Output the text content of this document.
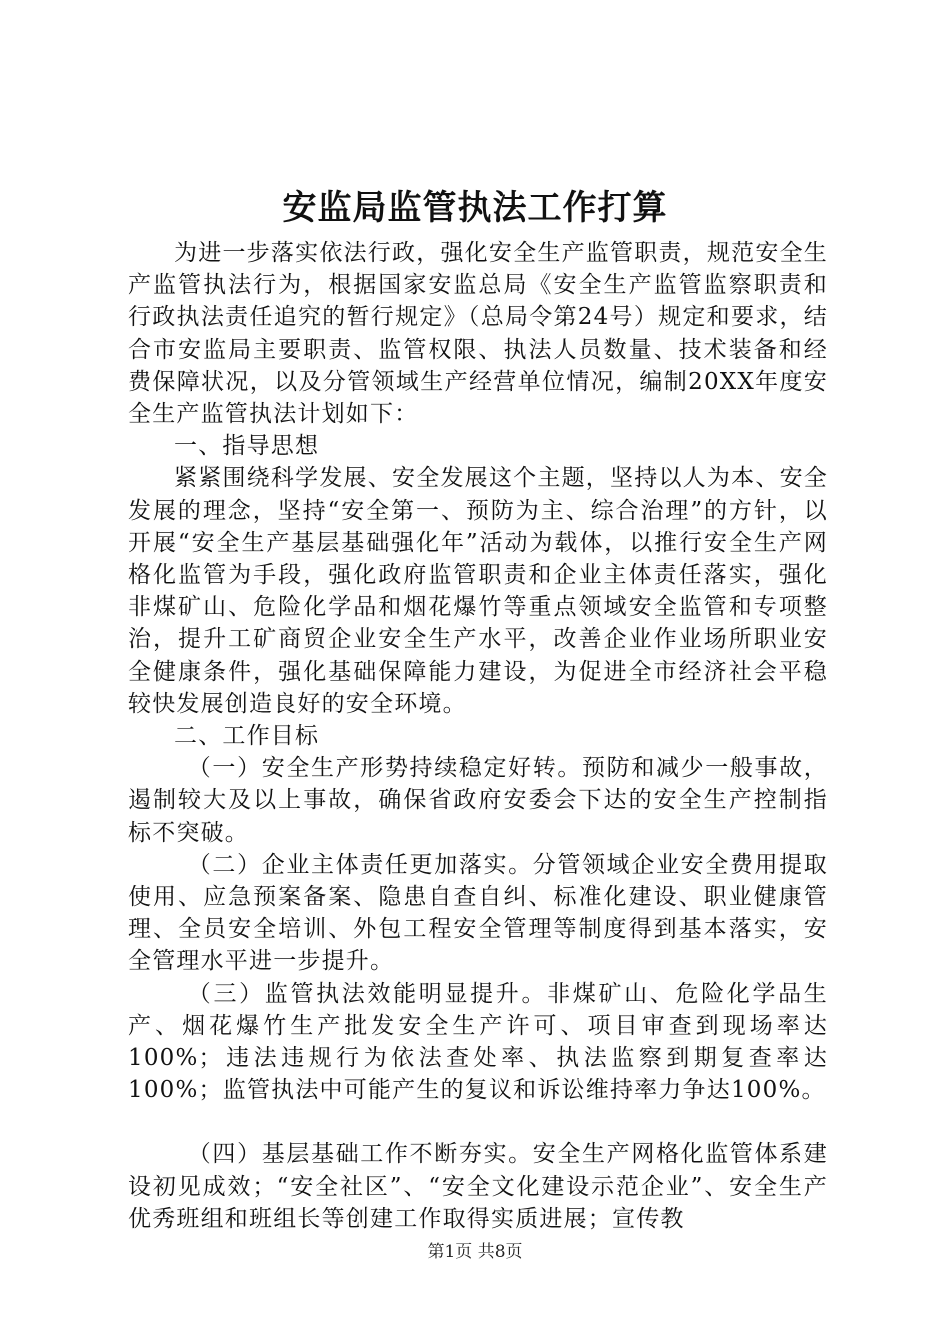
安监局监管执法工作打算

为进一步落实依法行政，强化安全生产监管职责，规范安全生产监管执法行为，根据国家安监总局《安全生产监管监察职责和行政执法责任追究的暂行规定》（总局令第24号）规定和要求，结合市安监局主要职责、监管权限、执法人员数量、技术装备和经费保障状况，以及分管领域生产经营单位情况，编制20XX年度安全生产监管执法计划如下：

一、指导思想

紧紧围绕科学发展、安全发展这个主题，坚持以人为本、安全发展的理念，坚持“安全第一、预防为主、综合治理”的方针，以开展“安全生产基层基础强化年”活动为载体，以推行安全生产网格化监管为手段，强化政府监管职责和企业主体责任落实，强化非煤矿山、危险化学品和烟花爆竹等重点领域安全监管和专项整治，提升工矿商贸企业安全生产水平，改善企业作业场所职业安全健康条件，强化基础保障能力建设，为促进全市经济社会平稳较快发展创造良好的安全环境。

二、工作目标

（一）安全生产形势持续稳定好转。预防和减少一般事故，遏制较大及以上事故，确保省政府安委会下达的安全生产控制指标不突破。

（二）企业主体责任更加落实。分管领域企业安全费用提取使用、应急预案备案、隐患自查自纠、标准化建设、职业健康管理、全员安全培训、外包工程安全管理等制度得到基本落实，安全管理水平进一步提升。

（三）监管执法效能明显提升。非煤矿山、危险化学品生产、烟花爆竹生产批发安全生产许可、项目审查到现场率达100%；违法违规行为依法查处率、执法监察到期复查率达100%；监管执法中可能产生的复议和诉讼维持率力争达100%。

（四）基层基础工作不断夯实。安全生产网格化监管体系建设初见成效；“安全社区”、“安全文化建设示范企业”、安全生产优秀班组和班组长等创建工作取得实质进展；宣传教

第1页 共8页
